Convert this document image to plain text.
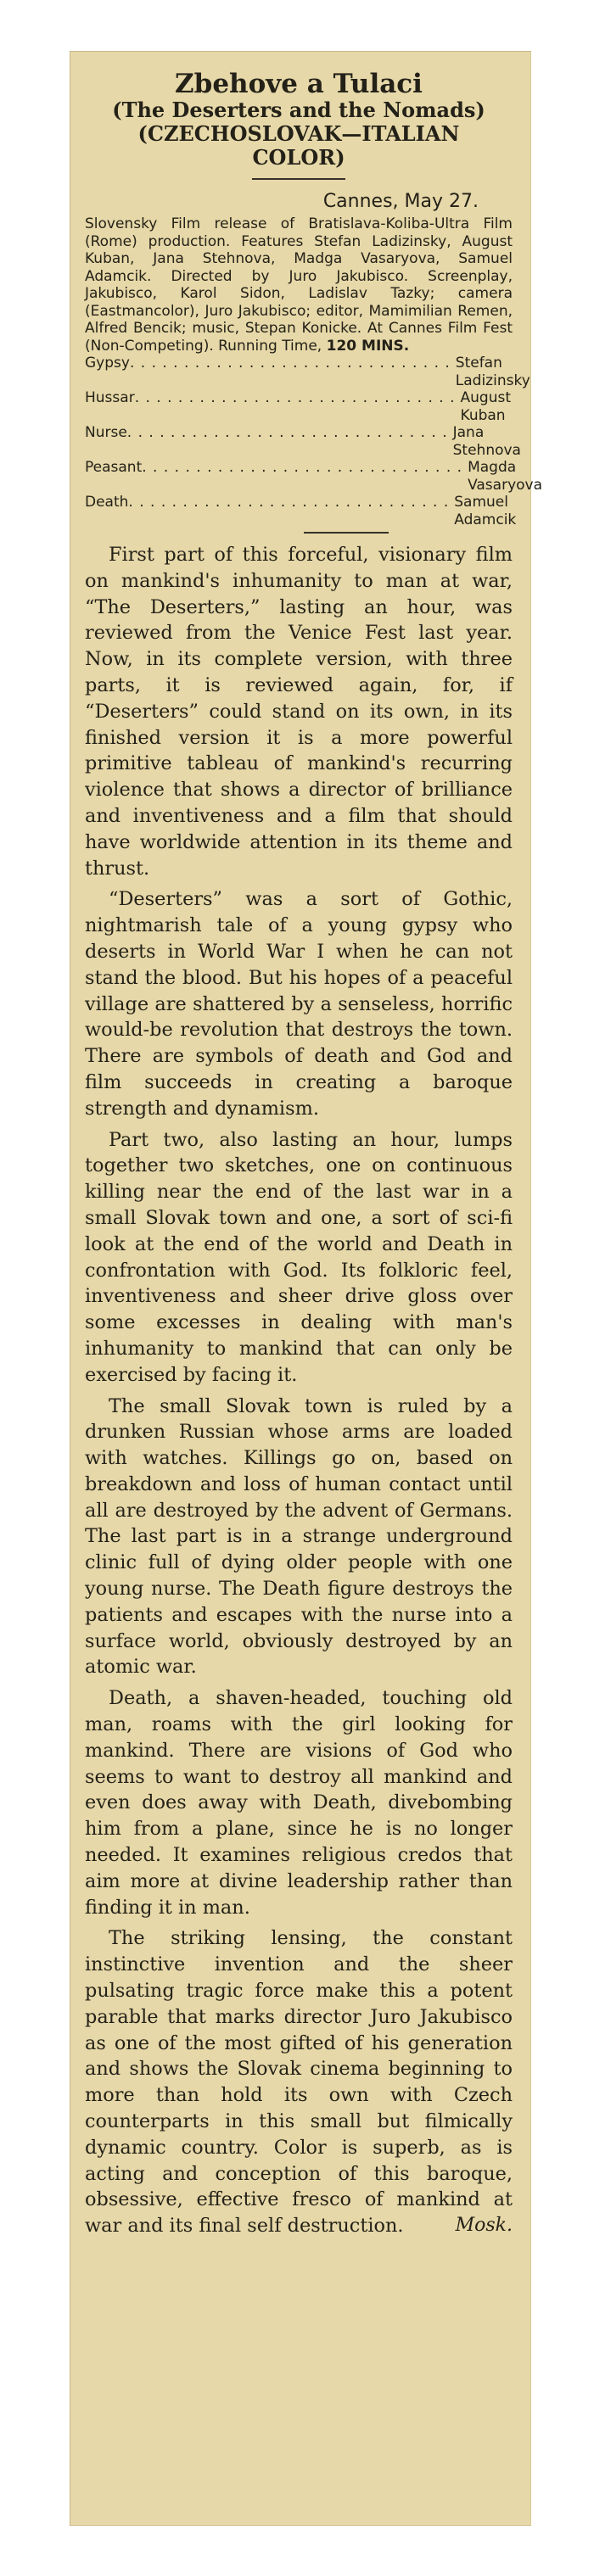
Zbehove a Tulaci

(The Deserters and the Nomads)

(CZECHOSLOVAK—ITALIAN

COLOR)

Cannes, May 27.

Slovensky Film release of Bratislava-Koliba-Ultra Film (Rome) production. Features Stefan Ladizinsky, August Kuban, Jana Stehnova, Madga Vasaryova, Samuel Adamcik. Directed by Juro Jakubisco. Screenplay, Jakubisco, Karol Sidon, Ladislav Tazky; camera (Eastmancolor), Juro Jakubisco; editor, Mamimilian Remen, Alfred Bencik; music, Stepan Konicke. At Cannes Film Fest (Non-Competing). Running Time, 120 MINS.

Gypsy . . . . . . . . . . . . . . . . . . . . . . . . . . . . . . Stefan Ladizinsky
Hussar . . . . . . . . . . . . . . . . . . . . . . . . . . . . . . August Kuban
Nurse . . . . . . . . . . . . . . . . . . . . . . . . . . . . . . Jana Stehnova
Peasant . . . . . . . . . . . . . . . . . . . . . . . . . . . . . . Magda Vasaryova
Death . . . . . . . . . . . . . . . . . . . . . . . . . . . . . . Samuel Adamcik

First part of this forceful, visionary film on mankind's inhumanity to man at war, “The Deserters,” lasting an hour, was reviewed from the Venice Fest last year. Now, in its complete version, with three parts, it is reviewed again, for, if “Deserters” could stand on its own, in its finished version it is a more powerful primitive tableau of mankind's recurring violence that shows a director of brilliance and inventiveness and a film that should have worldwide attention in its theme and thrust.

“Deserters” was a sort of Gothic, nightmarish tale of a young gypsy who deserts in World War I when he can not stand the blood. But his hopes of a peaceful village are shattered by a senseless, horrific would-be revolution that destroys the town. There are symbols of death and God and film succeeds in creating a baroque strength and dynamism.

Part two, also lasting an hour, lumps together two sketches, one on continuous killing near the end of the last war in a small Slovak town and one, a sort of sci-fi look at the end of the world and Death in confrontation with God. Its folkloric feel, inventiveness and sheer drive gloss over some excesses in dealing with man's inhumanity to mankind that can only be exercised by facing it.

The small Slovak town is ruled by a drunken Russian whose arms are loaded with watches. Killings go on, based on breakdown and loss of human contact until all are destroyed by the advent of Germans. The last part is in a strange underground clinic full of dying older people with one young nurse. The Death figure destroys the patients and escapes with the nurse into a surface world, obviously destroyed by an atomic war.

Death, a shaven-headed, touching old man, roams with the girl looking for mankind. There are visions of God who seems to want to destroy all mankind and even does away with Death, divebombing him from a plane, since he is no longer needed. It examines religious credos that aim more at divine leadership rather than finding it in man.

The striking lensing, the constant instinctive invention and the sheer pulsating tragic force make this a potent parable that marks director Juro Jakubisco as one of the most gifted of his generation and shows the Slovak cinema beginning to more than hold its own with Czech counterparts in this small but filmically dynamic country. Color is superb, as is acting and conception of this baroque, obsessive, effective fresco of mankind at war and its final self destruction.	Mosk.
